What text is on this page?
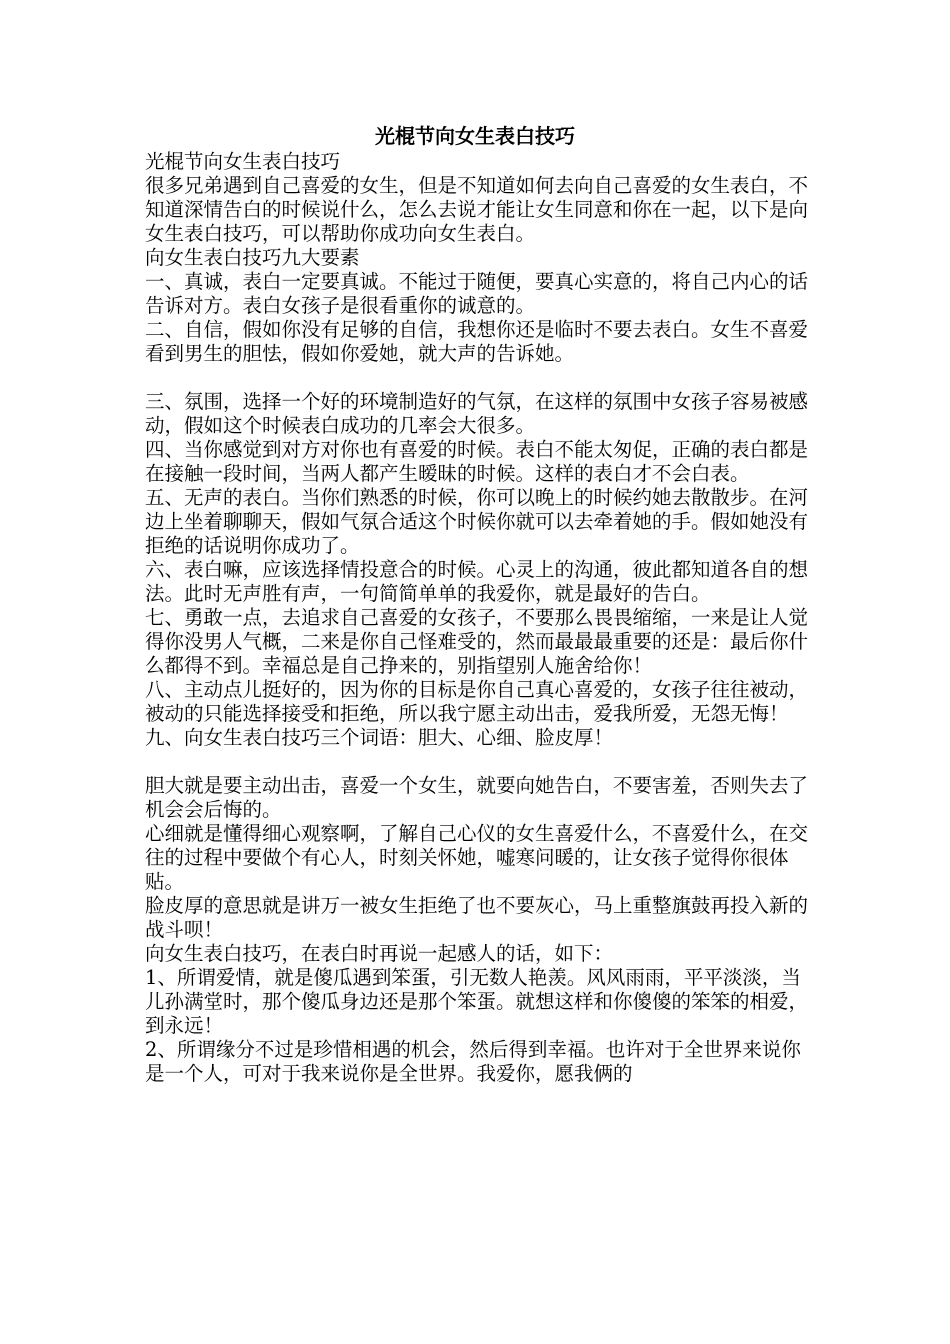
光棍节向女生表白技巧

光棍节向女生表白技巧

很多兄弟遇到自己喜爱的女生，但是不知道如何去向自己喜爱的女生表白，不知道深情告白的时候说什么，怎么去说才能让女生同意和你在一起，以下是向女生表白技巧，可以帮助你成功向女生表白。

向女生表白技巧九大要素

一、真诚，表白一定要真诚。不能过于随便，要真心实意的，将自己内心的话告诉对方。表白女孩子是很看重你的诚意的。

二、自信，假如你没有足够的自信，我想你还是临时不要去表白。女生不喜爱看到男生的胆怯，假如你爱她，就大声的告诉她。

三、氛围，选择一个好的环境制造好的气氛，在这样的氛围中女孩子容易被感动，假如这个时候表白成功的几率会大很多。

四、当你感觉到对方对你也有喜爱的时候。表白不能太匆促，正确的表白都是在接触一段时间，当两人都产生暧昧的时候。这样的表白才不会白表。

五、无声的表白。当你们熟悉的时候，你可以晚上的时候约她去散散步。在河边上坐着聊聊天，假如气氛合适这个时候你就可以去牵着她的手。假如她没有拒绝的话说明你成功了。

六、表白嘛，应该选择情投意合的时候。心灵上的沟通，彼此都知道各自的想法。此时无声胜有声，一句简简单单的我爱你，就是最好的告白。

七、勇敢一点，去追求自己喜爱的女孩子，不要那么畏畏缩缩，一来是让人觉得你没男人气概，二来是你自己怪难受的，然而最最最重要的还是：最后你什么都得不到。幸福总是自己挣来的，别指望别人施舍给你！

八、主动点儿挺好的，因为你的目标是你自己真心喜爱的，女孩子往往被动，被动的只能选择接受和拒绝，所以我宁愿主动出击，爱我所爱，无怨无悔！

九、向女生表白技巧三个词语：胆大、心细、脸皮厚！

胆大就是要主动出击，喜爱一个女生，就要向她告白，不要害羞，否则失去了机会会后悔的。

心细就是懂得细心观察啊，了解自己心仪的女生喜爱什么，不喜爱什么，在交往的过程中要做个有心人，时刻关怀她，嘘寒问暖的，让女孩子觉得你很体贴。

脸皮厚的意思就是讲万一被女生拒绝了也不要灰心，马上重整旗鼓再投入新的战斗呗！

向女生表白技巧，在表白时再说一起感人的话，如下：

1、所谓爱情，就是傻瓜遇到笨蛋，引无数人艳羡。风风雨雨，平平淡淡，当儿孙满堂时，那个傻瓜身边还是那个笨蛋。就想这样和你傻傻的笨笨的相爱，到永远！

2、所谓缘分不过是珍惜相遇的机会，然后得到幸福。也许对于全世界来说你是一个人，可对于我来说你是全世界。我爱你，愿我俩的
